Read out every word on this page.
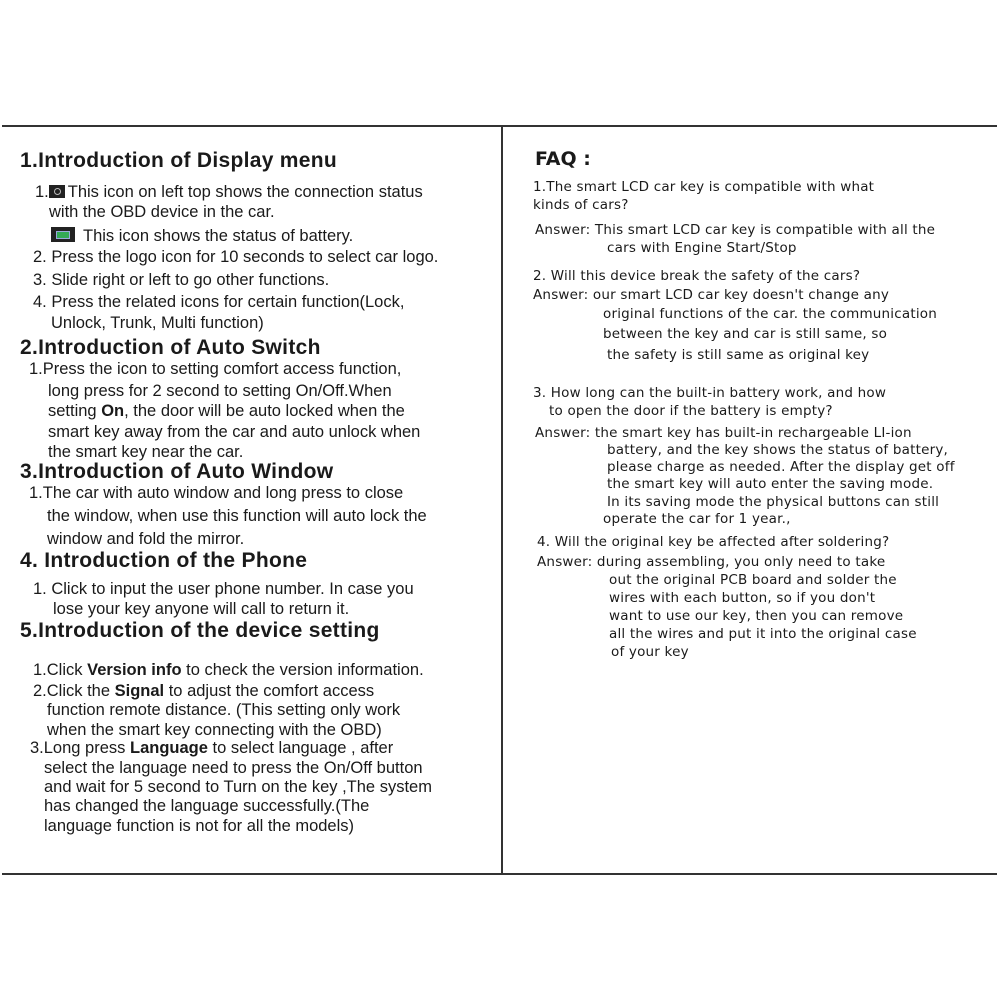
1.Introduction of Display menu
1. This icon on left top shows the connection status
with the OBD device in the car.
This icon shows the status of battery.
2. Press the logo icon for 10 seconds to select car logo.
3. Slide right or left to go other functions.
4. Press the related icons for certain function(Lock,
Unlock, Trunk, Multi function)
2.Introduction of Auto Switch
1.Press the icon to setting comfort access function,
long press for 2 second to setting On/Off.When
setting On, the door will be auto locked when the
smart key away from the car and auto unlock when
the smart key near the car.
3.Introduction of Auto Window
1.The car with auto window and long press to close
the window, when use this function will auto lock the
window and fold the mirror.
4. Introduction of the Phone
1. Click to input the user phone number. In case you
lose your key anyone will call to return it.
5.Introduction of the device setting
1.Click Version info to check the version information.
2.Click the Signal to adjust the comfort access
function remote distance. (This setting only work
when the smart key connecting with the OBD)
3.Long press Language to select language , after
select the language need to press the On/Off button
and wait for 5 second to Turn on the key ,The system
has changed the language successfully.(The
language function is not for all the models)
FAQ :
1.The smart LCD car key is compatible with what
kinds of cars?
Answer: This smart LCD car key is compatible with all the
cars with Engine Start/Stop
2. Will this device break the safety of the cars?
Answer: our smart LCD car key doesn't change any
original functions of the car. the communication
between the key and car is still same, so
the safety is still same as original key
3. How long can the built-in battery work, and how
to open the door if the battery is empty?
Answer: the smart key has built-in rechargeable LI-ion
battery, and the key shows the status of battery,
please charge as needed. After the display get off
the smart key will auto enter the saving mode.
In its saving mode the physical buttons can still
operate the car for 1 year.,
4. Will the original key be affected after soldering?
Answer: during assembling, you only need to take
out the original PCB board and solder the
wires with each button, so if you don't
want to use our key, then you can remove
all the wires and put it into the original case
of your key
